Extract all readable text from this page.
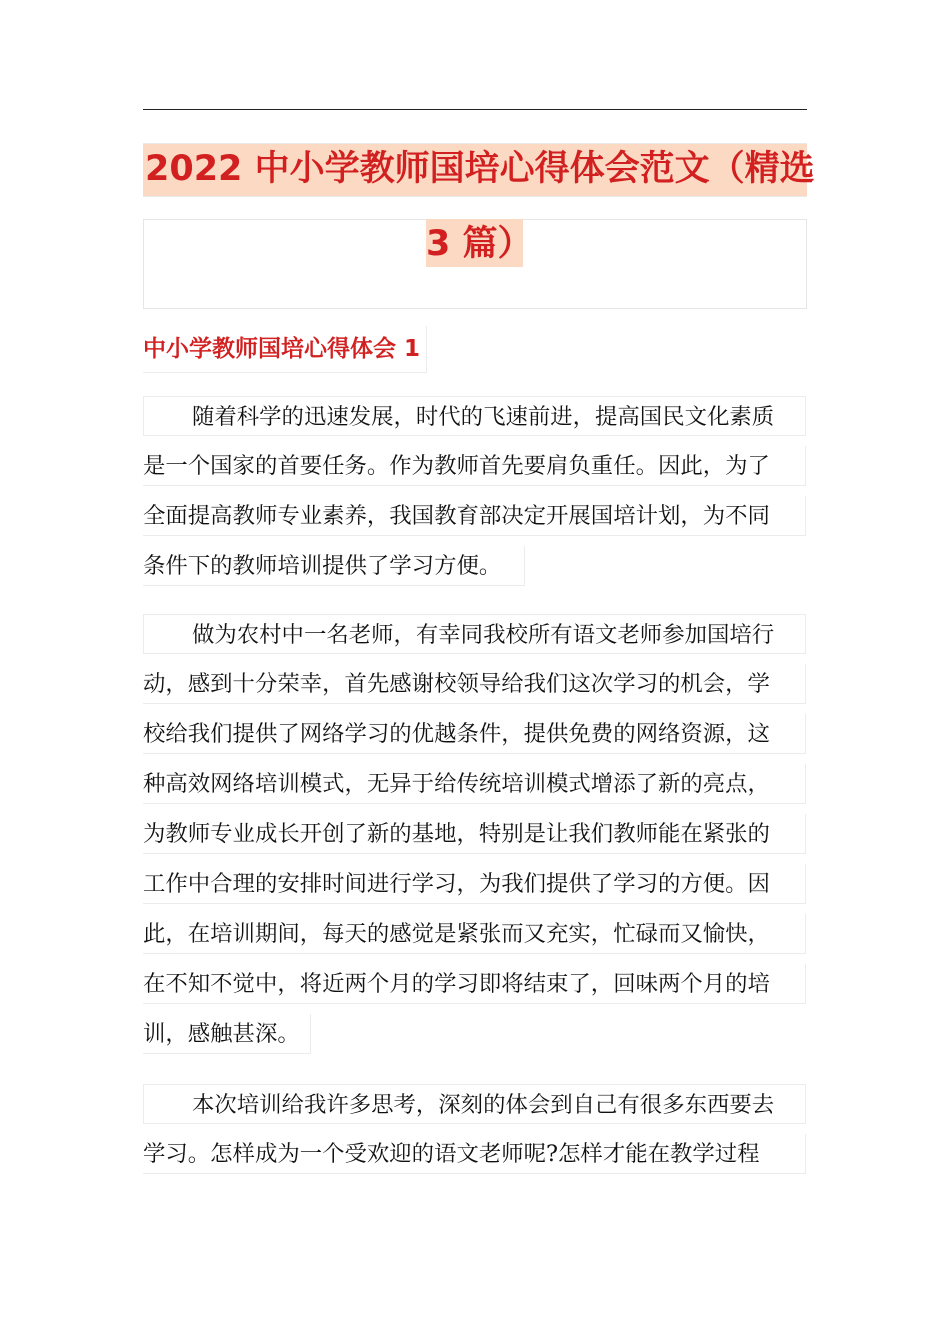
2022 中小学教师国培心得体会范文（精选
3 篇）
中小学教师国培心得体会 1
随着科学的迅速发展，时代的飞速前进，提高国民文化素质
是一个国家的首要任务。作为教师首先要肩负重任。因此，为了
全面提高教师专业素养，我国教育部决定开展国培计划，为不同
条件下的教师培训提供了学习方便。
做为农村中一名老师，有幸同我校所有语文老师参加国培行
动，感到十分荣幸，首先感谢校领导给我们这次学习的机会，学
校给我们提供了网络学习的优越条件，提供免费的网络资源，这
种高效网络培训模式，无异于给传统培训模式增添了新的亮点，
为教师专业成长开创了新的基地，特别是让我们教师能在紧张的
工作中合理的安排时间进行学习，为我们提供了学习的方便。因
此，在培训期间，每天的感觉是紧张而又充实，忙碌而又愉快，
在不知不觉中，将近两个月的学习即将结束了，回味两个月的培
训，感触甚深。
本次培训给我许多思考，深刻的体会到自己有很多东西要去
学习。怎样成为一个受欢迎的语文老师呢?怎样才能在教学过程
